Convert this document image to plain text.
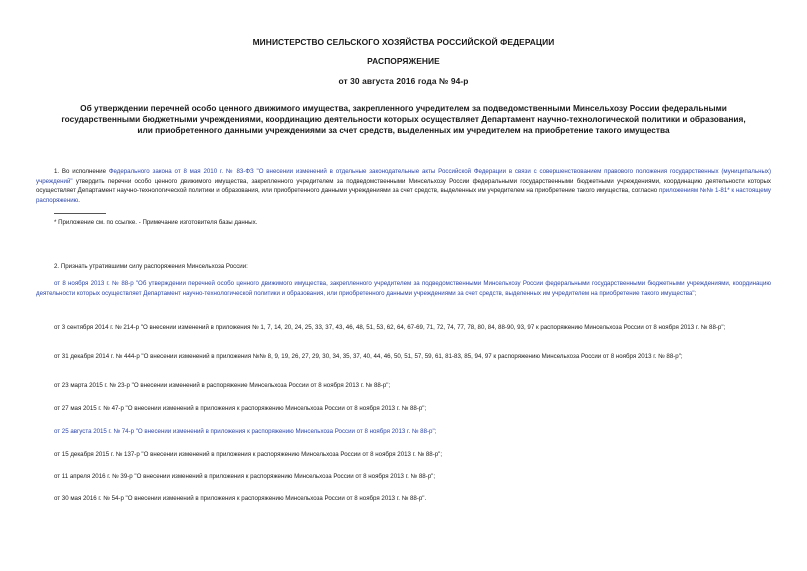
МИНИСТЕРСТВО СЕЛЬСКОГО ХОЗЯЙСТВА РОССИЙСКОЙ ФЕДЕРАЦИИ
РАСПОРЯЖЕНИЕ
от 30 августа 2016 года № 94-р
Об утверждении перечней особо ценного движимого имущества, закрепленного учредителем за подведомственными Минсельхозу России федеральными
государственными бюджетными учреждениями, координацию деятельности которых осуществляет Департамент научно-технологической политики и образования,
или приобретенного данными учреждениями за счет средств, выделенных им учредителем на приобретение такого имущества
1. Во исполнение Федерального закона от 8 мая 2010 г. № 83-ФЗ "О внесении изменений в отдельные законодательные акты Российской Федерации в связи с совершенствованием правового положения государственных (муниципальных) учреждений" утвердить перечни особо ценного движимого имущества, закрепленного учредителем за подведомственными Минсельхозу России федеральными государственными бюджетными учреждениями, координацию деятельности которых осуществляет Департамент научно-технологической политики и образования, или приобретенного данными учреждениями за счет средств, выделенных им учредителем на приобретение такого имущества, согласно приложениям №№ 1-81* к настоящему распоряжению.
* Приложение см. по ссылке. - Примечание изготовителя базы данных.
2. Признать утратившими силу распоряжения Минсельхоза России:
от 8 ноября 2013 г. № 88-р "Об утверждении перечней особо ценного движимого имущества, закрепленного учредителем за подведомственными Минсельхозу России федеральными государственными бюджетными учреждениями, координацию деятельности которых осуществляет Департамент научно-технологической политики и образования, или приобретенного данными учреждениями за счет средств, выделенных им учредителем на приобретение такого имущества";
от 3 сентября 2014 г. № 214-р "О внесении изменений в приложения № 1, 7, 14, 20, 24, 25, 33, 37, 43, 46, 48, 51, 53, 62, 64, 67-69, 71, 72, 74, 77, 78, 80, 84, 88-90, 93, 97 к распоряжению Минсельхоза России от 8 ноября 2013 г. № 88-р";
от 31 декабря 2014 г. № 444-р "О внесении изменений в приложения №№ 8, 9, 19, 26, 27, 29, 30, 34, 35, 37, 40, 44, 46, 50, 51, 57, 59, 61, 81-83, 85, 94, 97 к распоряжению Минсельхоза России от 8 ноября 2013 г. № 88-р";
от 23 марта 2015 г. № 23-р "О внесении изменений в распоряжение Минсельхоза России от 8 ноября 2013 г. № 88-р";
от 27 мая 2015 г. № 47-р "О внесении изменений в приложения к распоряжению Минсельхоза России от 8 ноября 2013 г. № 88-р";
от 25 августа 2015 г. № 74-р "О внесении изменений в приложения к распоряжению Минсельхоза России от 8 ноября 2013 г. № 88-р";
от 15 декабря 2015 г. № 137-р "О внесении изменений в приложения к распоряжению Минсельхоза России от 8 ноября 2013 г. № 88-р";
от 11 апреля 2016 г. № 39-р "О внесении изменений в приложения к распоряжению Минсельхоза России от 8 ноября 2013 г. № 88-р";
от 30 мая 2016 г. № 54-р "О внесении изменений в приложения к распоряжению Минсельхоза России от 8 ноября 2013 г. № 88-р".
